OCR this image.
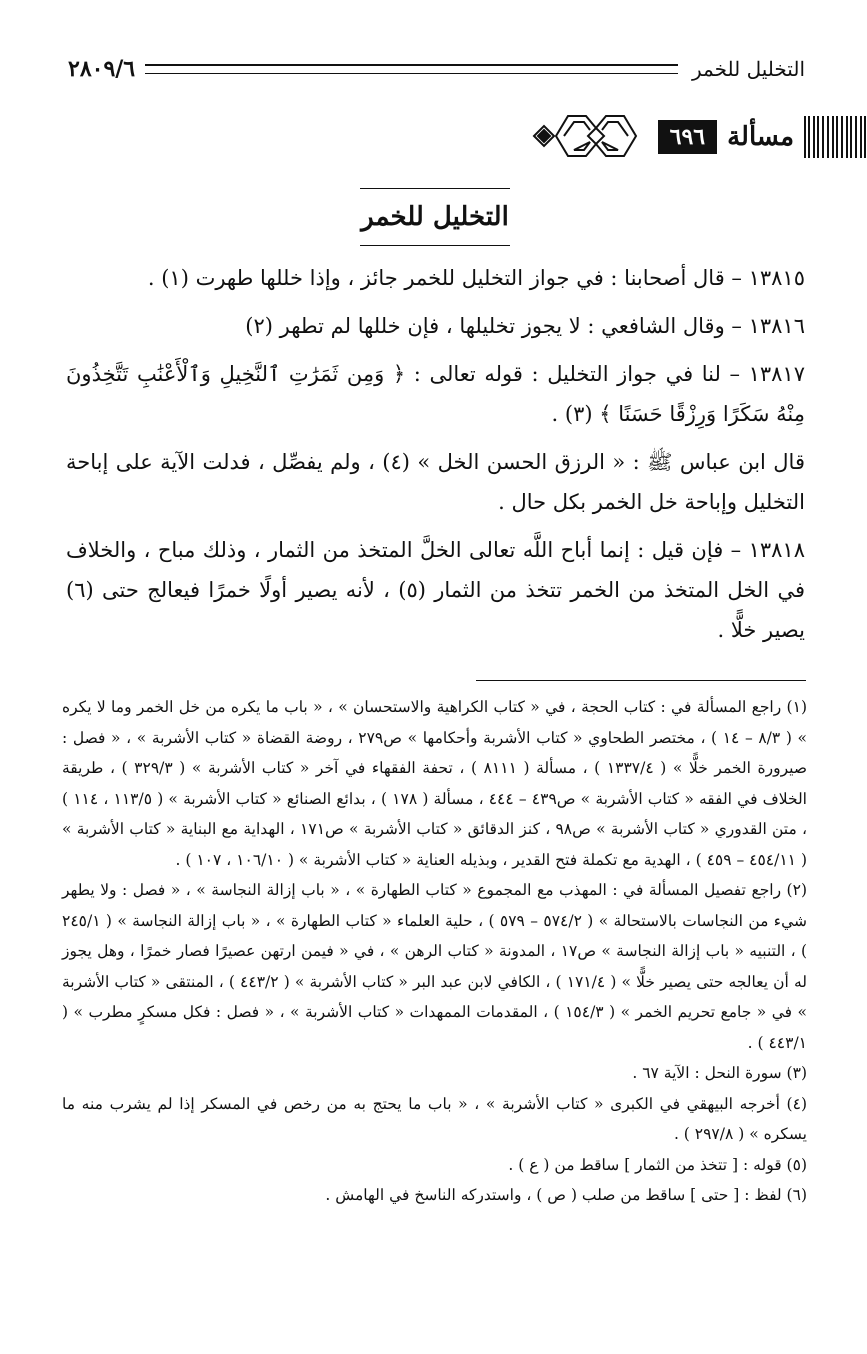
التخليل للخمر
٢٨٠٩/٦
مسألة
٦٩٦
التخليل للخمر

١٣٨١٥ – قال أصحابنا : في جواز التخليل للخمر جائز ، وإذا خللها طهرت (١) .

١٣٨١٦ – وقال الشافعي : لا يجوز تخليلها ، فإن خللها لم تطهر (٢)

١٣٨١٧ – لنا في جواز التخليل : قوله تعالى : ﴿ وَمِن ثَمَرَٰتِ ٱلنَّخِيلِ وَٱلْأَعْنَٰبِ تَتَّخِذُونَ مِنْهُ سَكَرًا وَرِزْقًا حَسَنًا ﴾ (٣) .

قال ابن عباس ﷺ : « الرزق الحسن الخل » (٤) ، ولم يفصِّل ، فدلت الآية على إباحة التخليل وإباحة خل الخمر بكل حال .

١٣٨١٨ – فإن قيل : إنما أباح اللَّه تعالى الخلَّ المتخذ من الثمار ، وذلك مباح ، والخلاف في الخل المتخذ من الخمر تتخذ من الثمار (٥) ، لأنه يصير أولًا خمرًا فيعالج حتى (٦) يصير خلًّا .

(١) راجع المسألة في : كتاب الحجة ، في « كتاب الكراهية والاستحسان » ، « باب ما يكره من خل الخمر وما لا يكره » ( ٨/٣ – ١٤ ) ، مختصر الطحاوي « كتاب الأشربة وأحكامها » ص٢٧٩ ، روضة القضاة « كتاب الأشربة » ، « فصل : صيرورة الخمر خلًّا » ( ١٣٣٧/٤ ) ، مسألة ( ٨١١١ ) ، تحفة الفقهاء في آخر « كتاب الأشربة » ( ٣٢٩/٣ ) ، طريقة الخلاف في الفقه « كتاب الأشربة » ص٤٣٩ – ٤٤٤ ، مسألة ( ١٧٨ ) ، بدائع الصنائع « كتاب الأشربة » ( ١١٣/٥ ، ١١٤ ) ، متن القدوري « كتاب الأشربة » ص٩٨ ، كنز الدقائق « كتاب الأشربة » ص١٧١ ، الهداية مع البناية « كتاب الأشربة » ( ٤٥٤/١١ – ٤٥٩ ) ، الهدية مع تكملة فتح القدير ، وبذيله العناية « كتاب الأشربة » ( ١٠٦/١٠ ، ١٠٧ ) .

(٢) راجع تفصيل المسألة في : المهذب مع المجموع « كتاب الطهارة » ، « باب إزالة النجاسة » ، « فصل : ولا يطهر شيء من النجاسات بالاستحالة » ( ٥٧٤/٢ – ٥٧٩ ) ، حلية العلماء « كتاب الطهارة » ، « باب إزالة النجاسة » ( ٢٤٥/١ ) ، التنبيه « باب إزالة النجاسة » ص١٧ ، المدونة « كتاب الرهن » ، في « فيمن ارتهن عصيرًا فصار خمرًا ، وهل يجوز له أن يعالجه حتى يصير خلًّا » ( ١٧١/٤ ) ، الكافي لابن عبد البر « كتاب الأشربة » ( ٤٤٣/٢ ) ، المنتقى « كتاب الأشربة » في « جامع تحريم الخمر » ( ١٥٤/٣ ) ، المقدمات الممهدات « كتاب الأشربة » ، « فصل : فكل مسكرٍ مطرب » ( ٤٤٣/١ ) .

(٣) سورة النحل : الآية ٦٧ .

(٤) أخرجه البيهقي في الكبرى « كتاب الأشربة » ، « باب ما يحتج به من رخص في المسكر إذا لم يشرب منه ما يسكره » ( ٢٩٧/٨ ) .

(٥) قوله : [ تتخذ من الثمار ] ساقط من ( ع ) .

(٦) لفظ : [ حتى ] ساقط من صلب ( ص ) ، واستدركه الناسخ في الهامش .
